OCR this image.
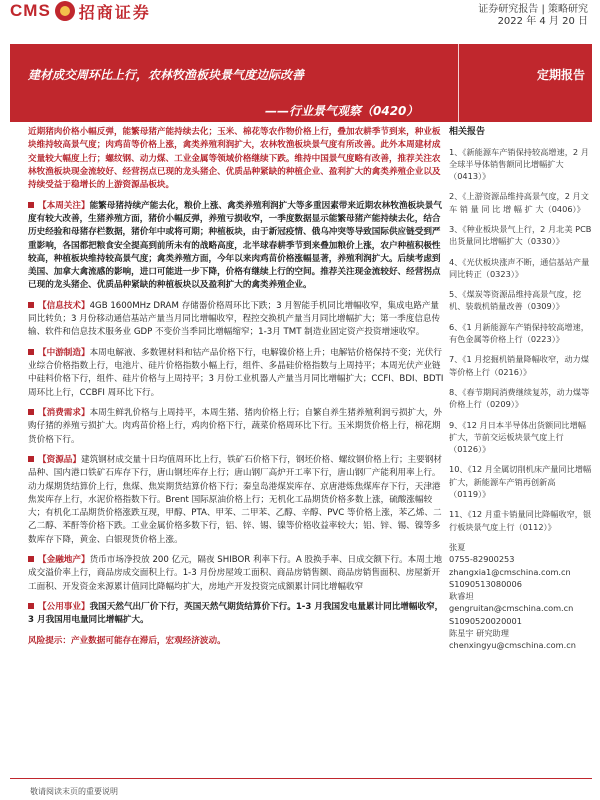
CMS 招商证券	证券研究报告 | 策略研究
2022 年 4 月 20 日
建材成交周环比上行，农林牧渔板块景气度边际改善
——行业景气观察（0420）
定期报告
近期猪肉价格小幅反弹，能繁母猪产能持续去化；玉米、棉花等农作物价格上行，叠加农耕季节到来，种业板块维持较高景气度；肉鸡苗等价格上涨，禽类养殖利润扩大，农林牧渔板块景气度有所改善。此外本周建材成交量较大幅度上行；螺纹钢、动力煤、工业金属等领域价格继续下跌。维持中国景气度略有改善，推荐关注农林牧渔板块现金流较好、经营拐点已现的龙头猪企、优质品种紧缺的种植企业、盈利扩大的禽类养殖企业以及持续受益于稳增长的上游资源品板块。
【本周关注】能繁母猪持续产能去化，粮价上涨、禽类养殖利润扩大等多重因素带来近期农林牧渔板块景气度有较大改善，生猪养殖方面，猪价小幅反弹，养殖亏损收窄，一季度数据显示能繁母猪产能持续去化，结合历史经验和母猪存栏数据，猪价年中或将可期；种植板块，由于新冠疫情、俄乌冲突等导致国际供应链受到严重影响，各国都把粮食安全提高到前所未有的战略高度，北半球春耕季节到来叠加粮价上涨，农户种植积极性较高，种植板块维持较高景气度；禽类养殖方面，今年以来肉鸡苗价格涨幅显著，养殖利润扩大。后续考虑到美国、加拿大禽流感的影响，进口可能进一步下降，价格有继续上行的空间。推荐关注现金流较好、经营拐点已现的龙头猪企、优质品种紧缺的种植板块以及盈利扩大的禽类养殖企业。
【信息技术】4GB 1600MHz DRAM 存储器价格周环比下跌；3 月智能手机同比增幅收窄，集成电路产量同比转负；3 月份移动通信基站产量当月同比增幅收窄，程控交换机产量当月同比增幅扩大；第一季度信息传输、软件和信息技术服务业 GDP 不变价当季同比增幅缩窄；1-3月 TMT 制造业固定资产投资增速收窄。
【中游制造】本周电解液、多数锂材料和钴产品价格下行，电解镍价格上升；电解钴价格保持不变；光伏行业综合价格指数上行，电池片、硅片价格指数小幅上行，组件、多晶硅价格指数与上周持平；本周光伏产业链中硅料价格下行，组件、硅片价格与上周持平；3 月份工业机器人产量当月同比增幅扩大；CCFI、BDI、BDTI 周环比上行，CCBFI 周环比下行。
【消费需求】本周生鲜乳价格与上周持平，本周生猪、猪肉价格上行；自繁自养生猪养殖利润亏损扩大，外购仔猪的养殖亏损扩大。肉鸡苗价格上行，鸡肉价格下行，蔬菜价格周环比下行。玉米期货价格上行，棉花期货价格下行。
【资源品】建筑钢材成交量十日均值周环比上行，铁矿石价格下行，钢坯价格、螺纹钢价格上行；主要钢材品种、国内港口铁矿石库存下行，唐山钢坯库存上行；唐山钢厂高炉开工率下行，唐山钢厂产能利用率上行。动力煤期货结算价上行，焦煤、焦炭期货结算价格下行；秦皇岛港煤炭库存、京唐港炼焦煤库存下行，天津港焦炭库存上行，水泥价格指数下行。Brent 国际原油价格上行；无机化工品期货价格多数上涨，硫酸涨幅较大；有机化工品期货价格涨跌互现，甲醇、PTA、甲苯、二甲苯、乙醇、辛醇、PVC 等价格上涨，苯乙烯、二乙二醇、苯酐等价格下跌。工业金属价格多数下行，铝、锌、锡、镍等价格收益率较大；铝、锌、锡、镍等多数库存下降，黄金、白银现货价格上涨。
【金融地产】货币市场净投放 200 亿元，隔夜 SHIBOR 利率下行。A 股换手率、日成交额下行。本周土地成交溢价率上行，商品房成交面积上行。1-3 月份房屋竣工面积、商品房销售额、商品房销售面积、房屋新开工面积、开发资金来源累计值同比降幅均扩大，房地产开发投资完成额累计同比增幅收窄
【公用事业】我国天然气出厂价下行，英国天然气期货结算价下行。1-3 月我国发电量累计同比增幅收窄，3 月我国用电量同比增幅扩大。
风险提示：产业数据可能存在滞后，宏观经济波动。
相关报告
1、《新能源车产销保持较高增速，2 月全球半导体销售额同比增幅扩大（0413）》
2、《上游资源品维持高景气度，2 月文 车 销 量 同 比 增 幅 扩 大（0406）》
3、《种业板块景气上行，2 月北美 PCB 出货量同比增幅扩大（0330）》
4、《光伏板块涨声不断，通信基站产量同比转正（0323）》
5、《煤炭等资源品维持高景气度，挖机、装载机销量改善（0309）》
6、《1 月新能源车产销保持较高增速，有色金属等价格上行（0223）》
7、《1 月挖掘机销量降幅收窄，动力煤等价格上行（0216）》
8、《春节期间消费继续复苏，动力煤等价格上行（0209）》
9、《12 月日本半导体出货额同比增幅扩大，节前交运板块景气度上行（0126）》
10、《12 月全属切削机床产量同比增幅扩大，新能源车产销再创新高（0119）》
11、《12 月重卡销量同比降幅收窄，银行板块景气度上行（0112）》
张夏
0755-82900253
zhangxia1@cmschina.com.cn
S1090513080006
耿睿坦
gengruitan@cmschina.com.cn
S1090520020001
陈星宇 研究助理
chenxingyu@cmschina.com.cn
敬请阅读末页的重要说明
